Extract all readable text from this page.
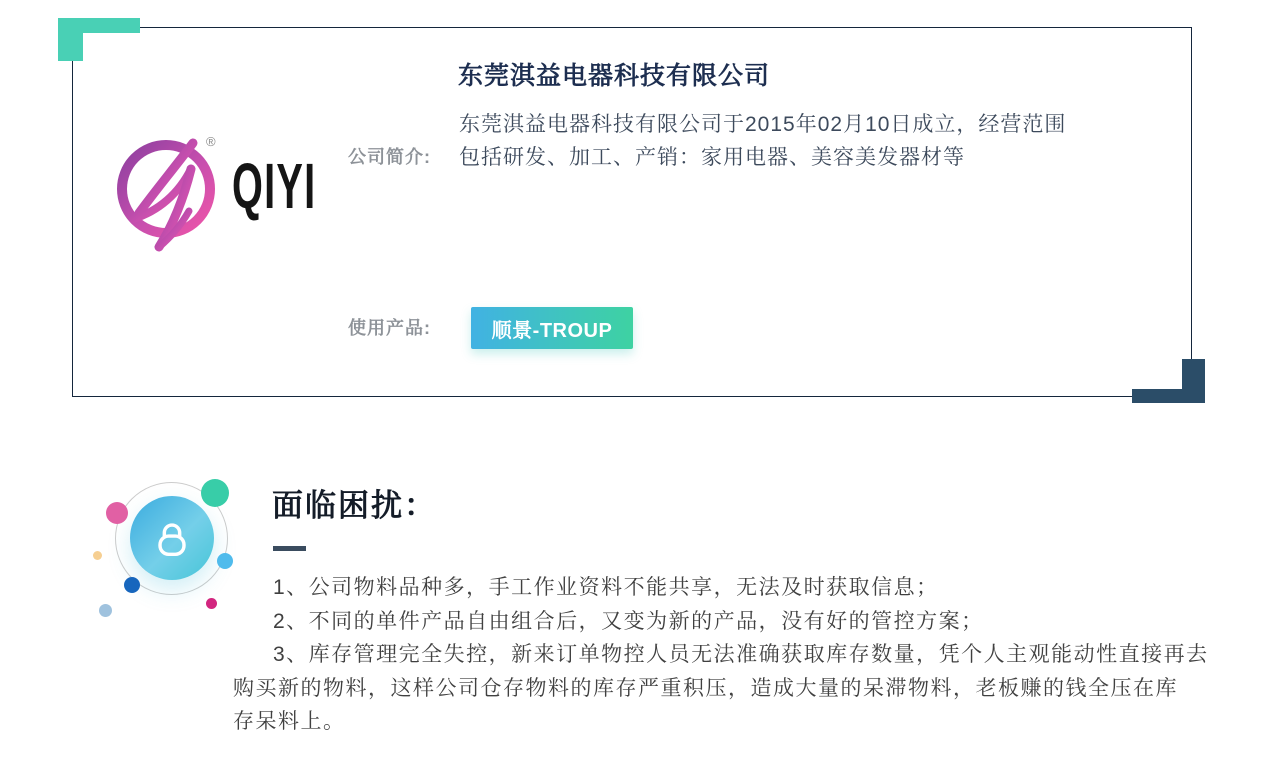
®
QIYI
东莞淇益电器科技有限公司
公司简介:
东莞淇益电器科技有限公司于2015年02月10日成立，经营范围
包括研发、加工、产销：家用电器、美容美发器材等
使用产品:	顺景-TROUP
面临困扰：
1、公司物料品种多，手工作业资料不能共享，无法及时获取信息；
2、不同的单件产品自由组合后，又变为新的产品，没有好的管控方案；
3、库存管理完全失控，新来订单物控人员无法准确获取库存数量，凭个人主观能动性直接再去
购买新的物料，这样公司仓存物料的库存严重积压，造成大量的呆滞物料，老板赚的钱全压在库
存呆料上。
